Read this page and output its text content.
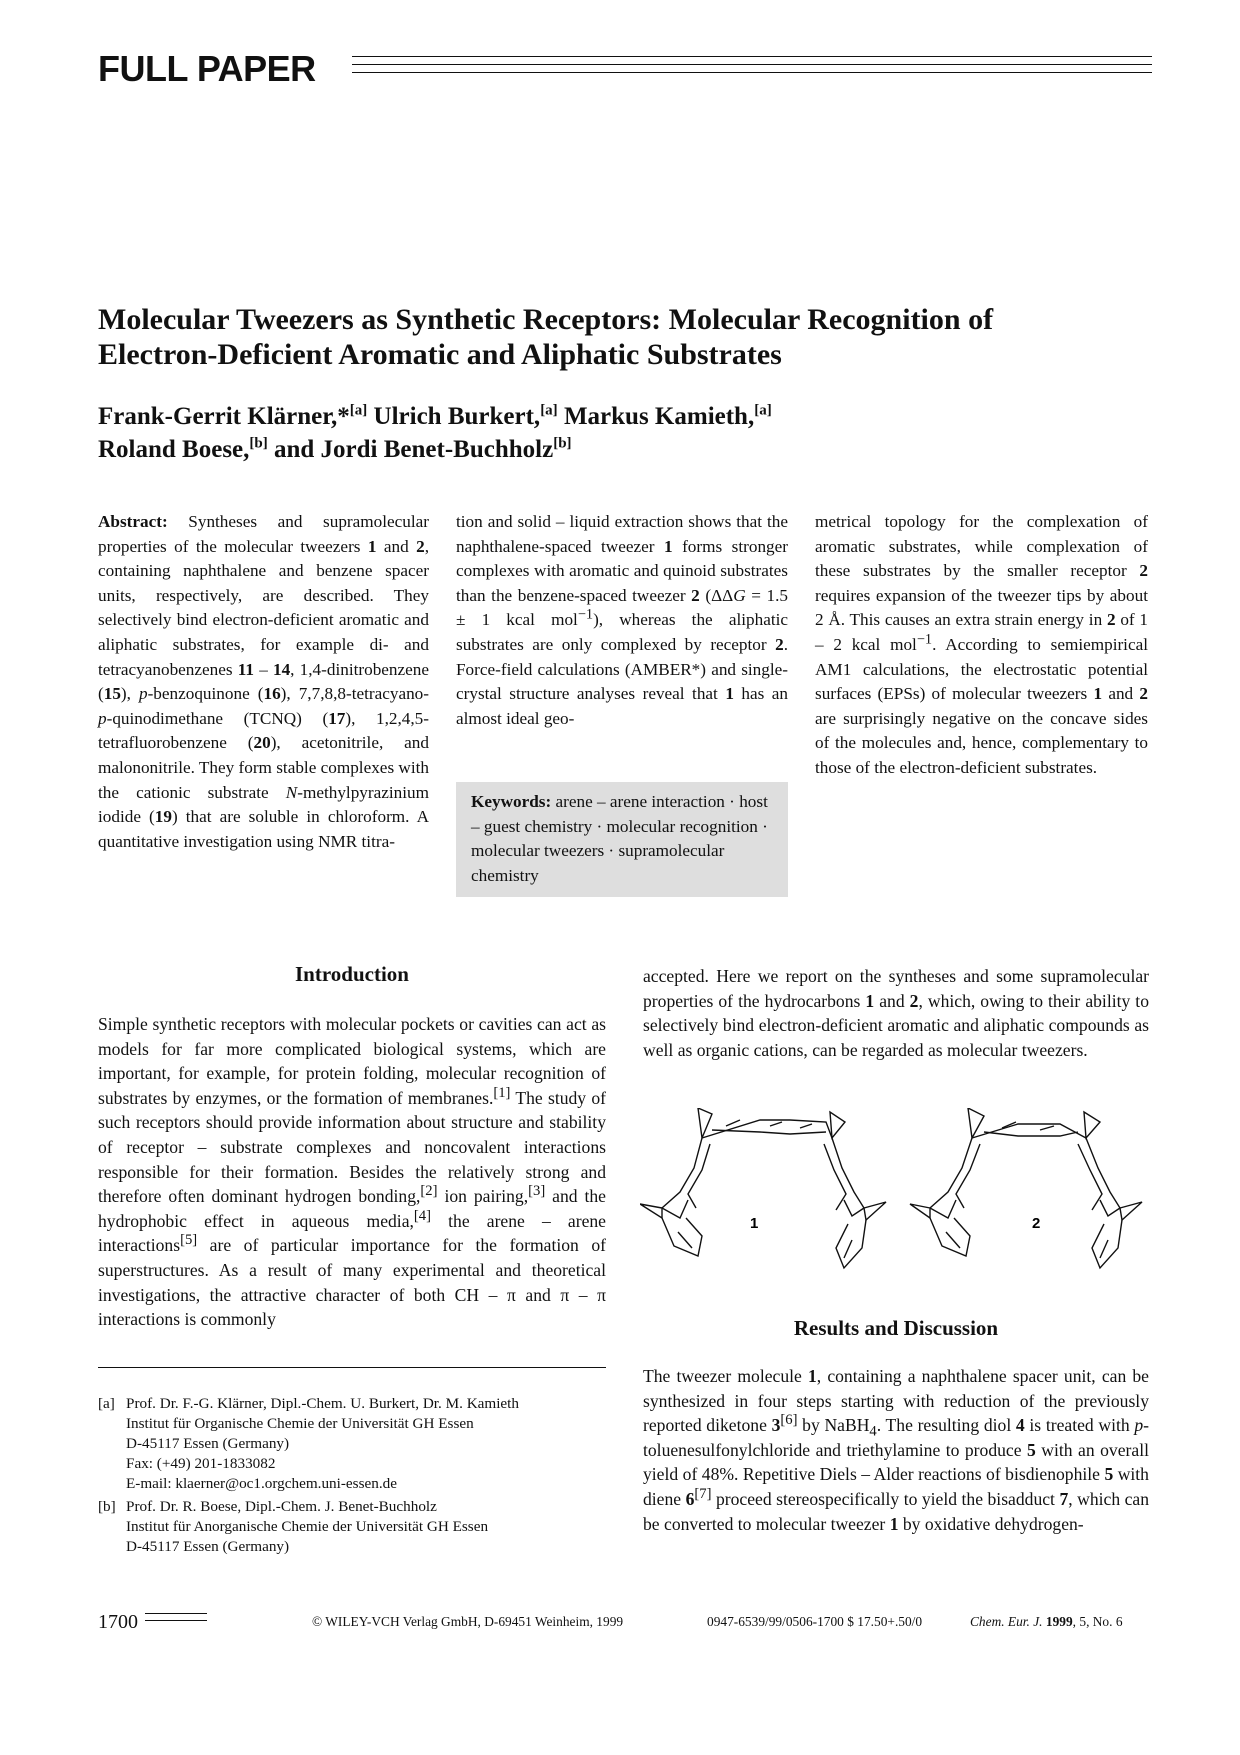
FULL PAPER
Molecular Tweezers as Synthetic Receptors: Molecular Recognition of
Electron-Deficient Aromatic and Aliphatic Substrates
Frank-Gerrit Klärner,*[a] Ulrich Burkert,[a] Markus Kamieth,[a]
Roland Boese,[b] and Jordi Benet-Buchholz[b]
Abstract: Syntheses and supramolecular properties of the molecular tweezers 1 and 2, containing naphthalene and benzene spacer units, respectively, are described. They selectively bind electron-deficient aromatic and aliphatic substrates, for example di- and tetracyanobenzenes 11 – 14, 1,4-dinitrobenzene (15), p-benzoquinone (16), 7,7,8,8-tetracyano-p-quinodimethane (TCNQ) (17), 1,2,4,5-tetrafluorobenzene (20), acetonitrile, and malononitrile. They form stable complexes with the cationic substrate N-methylpyrazinium iodide (19) that are soluble in chloroform. A quantitative investigation using NMR titra-
tion and solid – liquid extraction shows that the naphthalene-spaced tweezer 1 forms stronger complexes with aromatic and quinoid substrates than the benzene-spaced tweezer 2 (ΔΔG = 1.5 ± 1 kcal mol$^{-1}$), whereas the aliphatic substrates are only complexed by receptor 2. Force-field calculations (AMBER*) and single-crystal structure analyses reveal that 1 has an almost ideal geo-
metrical topology for the complexation of aromatic substrates, while complexation of these substrates by the smaller receptor 2 requires expansion of the tweezer tips by about 2 Å. This causes an extra strain energy in 2 of 1 – 2 kcal mol$^{-1}$. According to semiempirical AM1 calculations, the electrostatic potential surfaces (EPSs) of molecular tweezers 1 and 2 are surprisingly negative on the concave sides of the molecules and, hence, complementary to those of the electron-deficient substrates.
Keywords: arene – arene interaction · host – guest chemistry · molecular recognition · molecular tweezers · supramolecular chemistry
Introduction
Simple synthetic receptors with molecular pockets or cavities can act as models for far more complicated biological systems, which are important, for example, for protein folding, molecular recognition of substrates by enzymes, or the formation of membranes.[1] The study of such receptors should provide information about structure and stability of receptor – substrate complexes and noncovalent interactions responsible for their formation. Besides the relatively strong and therefore often dominant hydrogen bonding,[2] ion pairing,[3] and the hydrophobic effect in aqueous media,[4] the arene – arene interactions[5] are of particular importance for the formation of superstructures. As a result of many experimental and theoretical investigations, the attractive character of both CH – π and π – π interactions is commonly
accepted. Here we report on the syntheses and some supramolecular properties of the hydrocarbons 1 and 2, which, owing to their ability to selectively bind electron-deficient aromatic and aliphatic compounds as well as organic cations, can be regarded as molecular tweezers.
1	2
Results and Discussion
The tweezer molecule 1, containing a naphthalene spacer unit, can be synthesized in four steps starting with reduction of the previously reported diketone 3[6] by NaBH$_4$. The resulting diol 4 is treated with p-toluenesulfonylchloride and triethylamine to produce 5 with an overall yield of 48%. Repetitive Diels – Alder reactions of bisdienophile 5 with diene 6[7] proceed stereospecifically to yield the bisadduct 7, which can be converted to molecular tweezer 1 by oxidative dehydrogen-
[a] Prof. Dr. F.-G. Klärner, Dipl.-Chem. U. Burkert, Dr. M. Kamieth
Institut für Organische Chemie der Universität GH Essen
D-45117 Essen (Germany)
Fax: (+49) 201-1833082
E-mail: klaerner@oc1.orgchem.uni-essen.de
[b] Prof. Dr. R. Boese, Dipl.-Chem. J. Benet-Buchholz
Institut für Anorganische Chemie der Universität GH Essen
D-45117 Essen (Germany)
1700	© WILEY-VCH Verlag GmbH, D-69451 Weinheim, 1999	0947-6539/99/0506-1700 $ 17.50+.50/0	Chem. Eur. J. 1999, 5, No. 6
